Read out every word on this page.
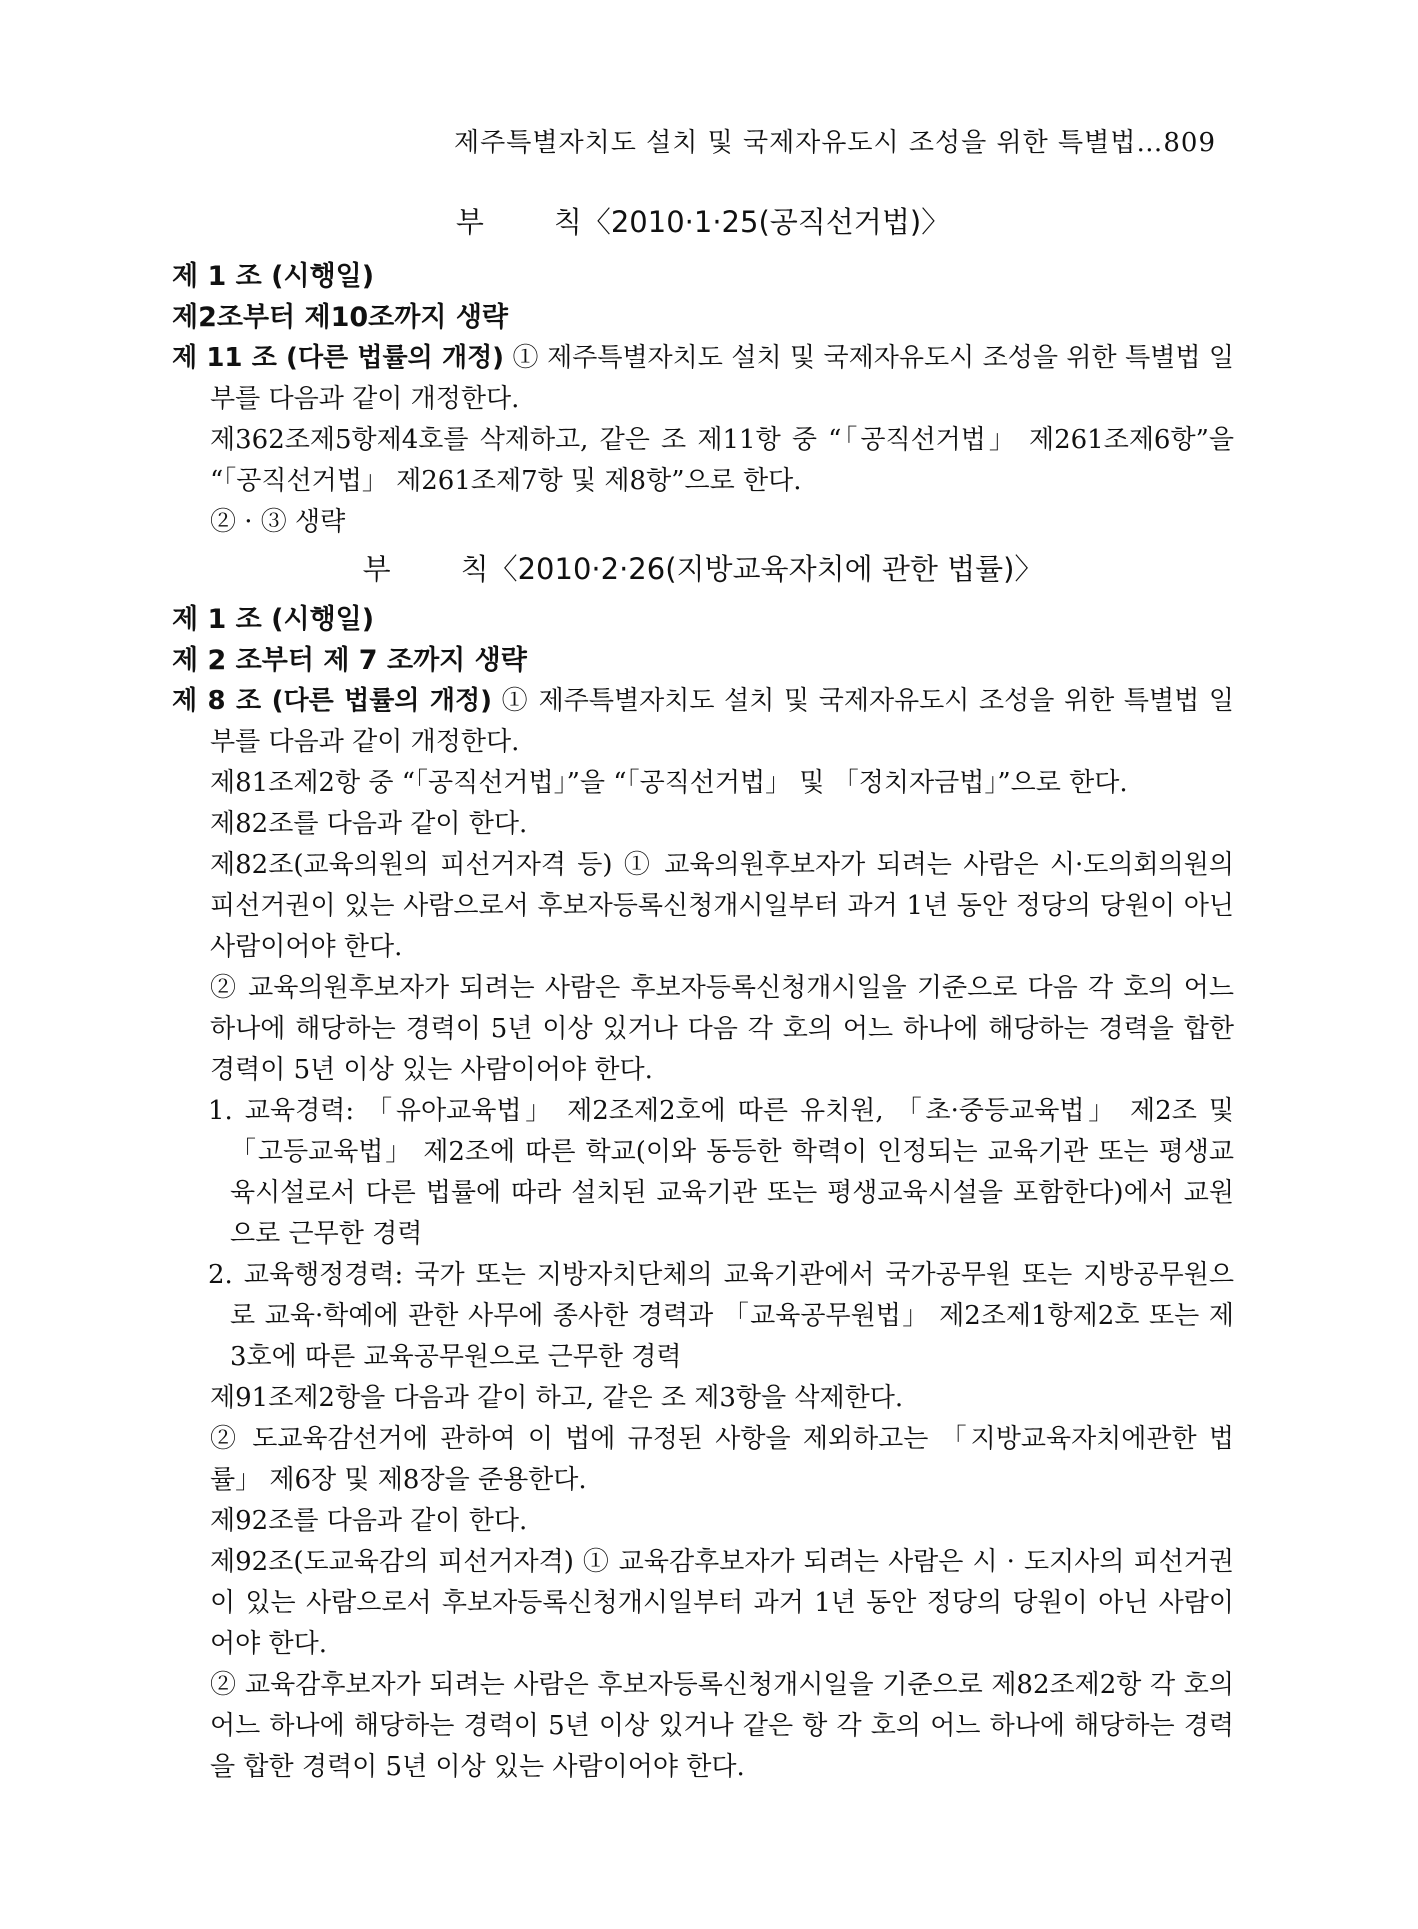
제주특별자치도 설치 및 국제자유도시 조성을 위한 특별법…809
부 칙〈2010·1·25(공직선거법)〉
제 1 조 (시행일)
제2조부터 제10조까지 생략
제 11 조 (다른 법률의 개정) ① 제주특별자치도 설치 및 국제자유도시 조성을 위한 특별법 일부를 다음과 같이 개정한다.
제362조제5항제4호를 삭제하고, 같은 조 제11항 중 “「공직선거법」 제261조제6항”을 “「공직선거법」 제261조제7항 및 제8항”으로 한다.
② · ③ 생략
부 칙〈2010·2·26(지방교육자치에 관한 법률)〉
제 1 조 (시행일)
제 2 조부터 제 7 조까지 생략
제 8 조 (다른 법률의 개정) ① 제주특별자치도 설치 및 국제자유도시 조성을 위한 특별법 일부를 다음과 같이 개정한다.
제81조제2항 중 “「공직선거법」”을 “「공직선거법」 및 「정치자금법」”으로 한다.
제82조를 다음과 같이 한다.
제82조(교육의원의 피선거자격 등) ① 교육의원후보자가 되려는 사람은 시·도의회의원의 피선거권이 있는 사람으로서 후보자등록신청개시일부터 과거 1년 동안 정당의 당원이 아닌 사람이어야 한다.
② 교육의원후보자가 되려는 사람은 후보자등록신청개시일을 기준으로 다음 각 호의 어느 하나에 해당하는 경력이 5년 이상 있거나 다음 각 호의 어느 하나에 해당하는 경력을 합한 경력이 5년 이상 있는 사람이어야 한다.
1. 교육경력: 「유아교육법」 제2조제2호에 따른 유치원, 「초·중등교육법」 제2조 및 「고등교육법」 제2조에 따른 학교(이와 동등한 학력이 인정되는 교육기관 또는 평생교육시설로서 다른 법률에 따라 설치된 교육기관 또는 평생교육시설을 포함한다)에서 교원으로 근무한 경력
2. 교육행정경력: 국가 또는 지방자치단체의 교육기관에서 국가공무원 또는 지방공무원으로 교육·학예에 관한 사무에 종사한 경력과 「교육공무원법」 제2조제1항제2호 또는 제3호에 따른 교육공무원으로 근무한 경력
제91조제2항을 다음과 같이 하고, 같은 조 제3항을 삭제한다.
② 도교육감선거에 관하여 이 법에 규정된 사항을 제외하고는 「지방교육자치에관한 법률」 제6장 및 제8장을 준용한다.
제92조를 다음과 같이 한다.
제92조(도교육감의 피선거자격) ① 교육감후보자가 되려는 사람은 시 · 도지사의 피선거권이 있는 사람으로서 후보자등록신청개시일부터 과거 1년 동안 정당의 당원이 아닌 사람이어야 한다.
② 교육감후보자가 되려는 사람은 후보자등록신청개시일을 기준으로 제82조제2항 각 호의 어느 하나에 해당하는 경력이 5년 이상 있거나 같은 항 각 호의 어느 하나에 해당하는 경력을 합한 경력이 5년 이상 있는 사람이어야 한다.
